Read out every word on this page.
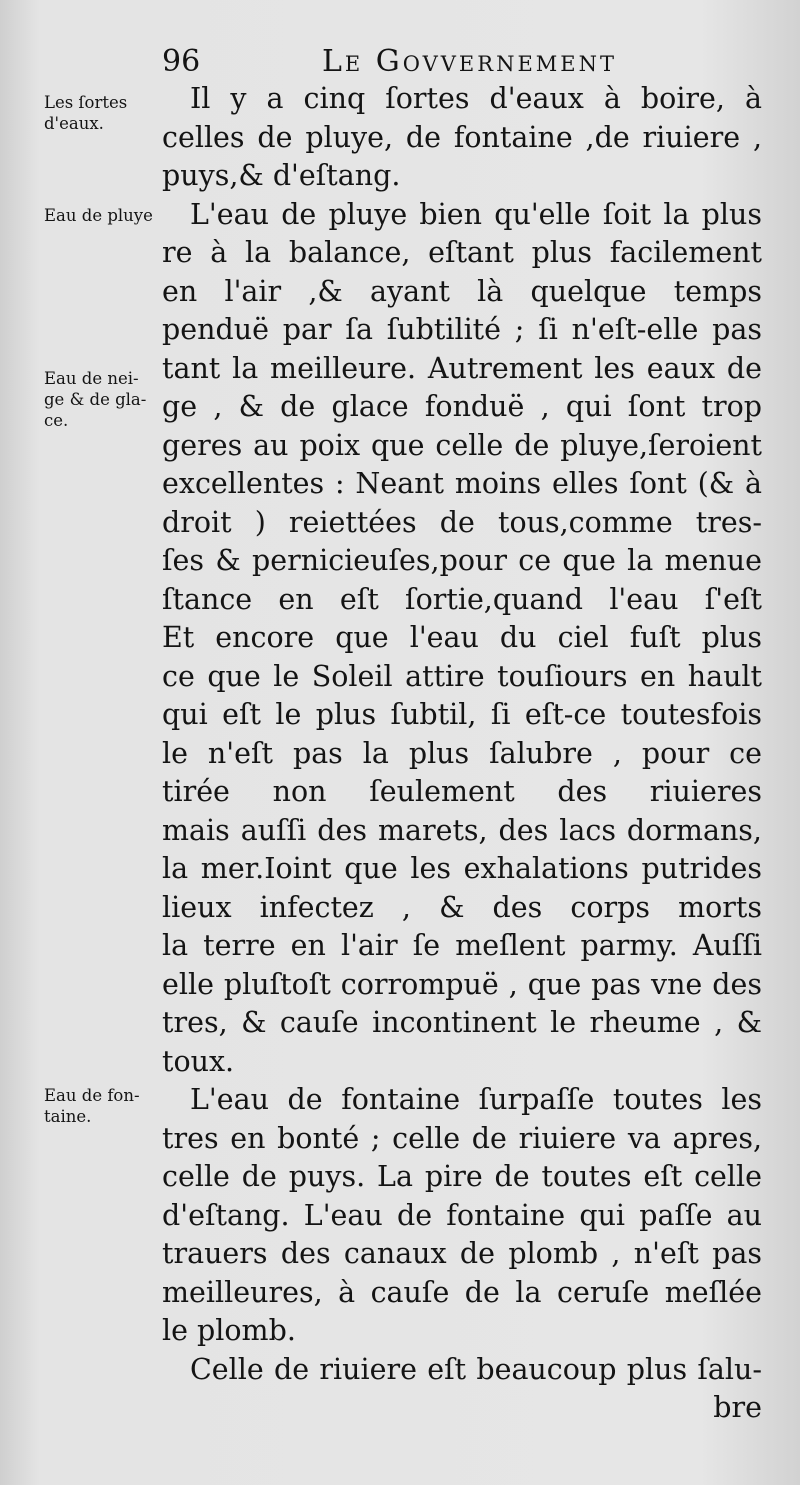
96	Le Govvernement
Les ſortes
d'eaux.
Eau de pluye
Eau de nei-
ge & de gla-
ce.
Eau de fon-
taine.
Il y a cinq ſortes d'eaux à boire, à
celles de pluye, de fontaine ,de riuiere ,
puys,& d'eſtang.
L'eau de pluye bien qu'elle ſoit la plus
re à la balance, eſtant plus facilement
en l'air ,& ayant là quelque temps
penduë par ſa ſubtilité ; ſi n'eſt-elle pas
tant la meilleure. Autrement les eaux de
ge , & de glace fonduë , qui ſont trop
geres au poix que celle de pluye,ſeroient
excellentes : Neant moins elles ſont (& à
droit ) reiettées de tous,comme tres-
ſes & pernicieuſes,pour ce que la menue
ſtance en eſt ſortie,quand l'eau ſ'eſt
Et encore que l'eau du ciel fuſt plus
ce que le Soleil attire touſiours en hault
qui eſt le plus ſubtil, ſi eſt-ce toutesfois
le n'eſt pas la plus ſalubre , pour ce
tirée non ſeulement des riuieres
mais auſſi des marets, des lacs dormans,
la mer.Ioint que les exhalations putrides
lieux infectez , & des corps morts
la terre en l'air ſe meſlent parmy. Auſſi
elle pluſtoſt corrompuë , que pas vne des
tres, & cauſe incontinent le rheume , &
toux.
L'eau de fontaine ſurpaſſe toutes les
tres en bonté ; celle de riuiere va apres,
celle de puys. La pire de toutes eſt celle
d'eſtang. L'eau de fontaine qui paſſe au
trauers des canaux de plomb , n'eſt pas
meilleures, à cauſe de la ceruſe meſlée
le plomb.
Celle de riuiere eſt beaucoup plus ſalu-
bre
